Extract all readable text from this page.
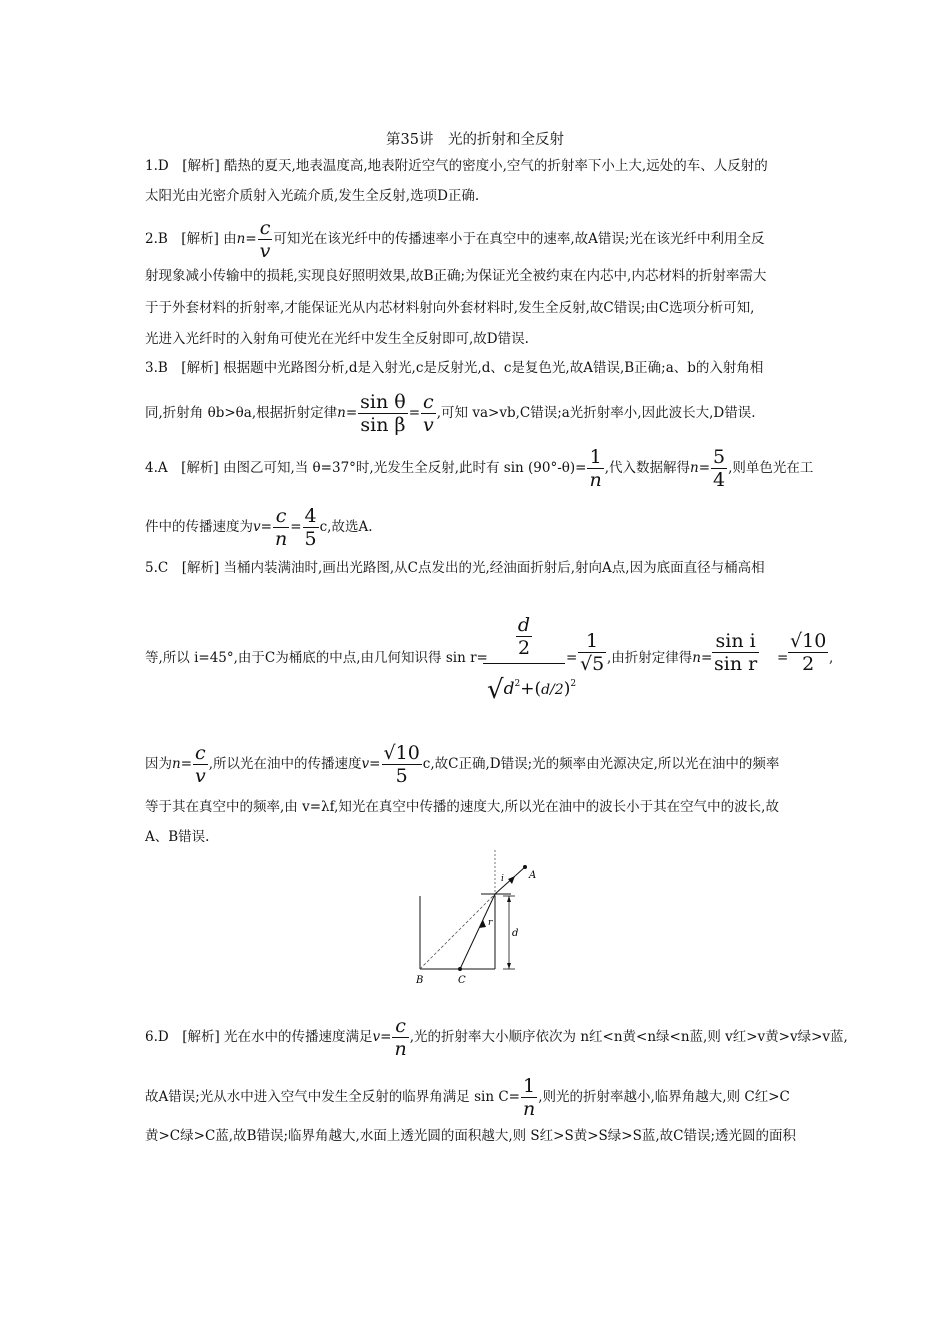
第35讲　光的折射和全反射
1.D　[解析] 酷热的夏天,地表温度高,地表附近空气的密度小,空气的折射率下小上大,远处的车、人反射的
太阳光由光密介质射入光疏介质,发生全反射,选项D正确.
2.B　[解析] 由$n= \frac{c}{v}$ 可知光在该光纤中的传播速率小于在真空中的速率,故A错误;光在该光纤中利用全反
射现象减小传输中的损耗,实现良好照明效果,故B正确;为保证光全被约束在内芯中,内芯材料的折射率需大
于于外套材料的折射率,才能保证光从内芯材料射向外套材料时,发生全反射,故C错误;由C选项分析可知,
光进入光纤时的入射角可使光在光纤中发生全反射即可,故D错误.
3.B　[解析] 根据题中光路图分析,d是入射光,c是反射光,d、c是复色光,故A错误,B正确;a、b的入射角相
同,折射角 θb>θa,根据折射定律$n= \frac{\text{sin θ}}{\text{sin β}} = \frac{c}{v}$ ,可知 va>vb,C错误;a光折射率小,因此波长大,D错误.
4.A　[解析] 由图乙可知,当 θ=37°时,光发生全反射,此时有 $\sin (90^\circ-\theta)= \frac{1}{n}$ ,代入数据解得$n= \frac{5}{4}$ ,则单色光在工
件中的传播速度为$v= \frac{c}{n} = \frac{4}{5} c$,故选A.
5.C　[解析] 当桶内装满油时,画出光路图,从C点发出的光,经油面折射后,射向A点,因为底面直径与桶高相
等,所以 i=45°,由于C为桶底的中点,由几何知识得 $\sin r= \frac{d}{2}$
$√d^2+(d/2)^2$
= $\frac{1}{√5}$ ,由折射定律得$n= \frac{\text{sin i}}{\text{sin r}} = \frac{√10}{2}$ ,
因为$n= \frac{c}{v}$ ,所以光在油中的传播速度$v= \frac{√10}{5} c$,故C正确,D错误;光的频率由光源决定,所以光在油中的频率
等于其在真空中的频率,由 v=λf,知光在真空中传播的速度大,所以光在油中的波长小于其在空气中的波长,故
A、B错误.
A
B	C
i
r
d
6.D　[解析] 光在水中的传播速度满足$v= \frac{c}{n}$ ,光的折射率大小顺序依次为 n红<n黄<n绿<n蓝,则 v红>v黄>v绿>v蓝,
故A错误;光从水中进入空气中发生全反射的临界角满足 $\sin C= \frac{1}{n}$ ,则光的折射率越小,临界角越大,则 C红>C
黄>C绿>C蓝,故B错误;临界角越大,水面上透光圆的面积越大,则 S红>S黄>S绿>S蓝,故C错误;透光圆的面积
